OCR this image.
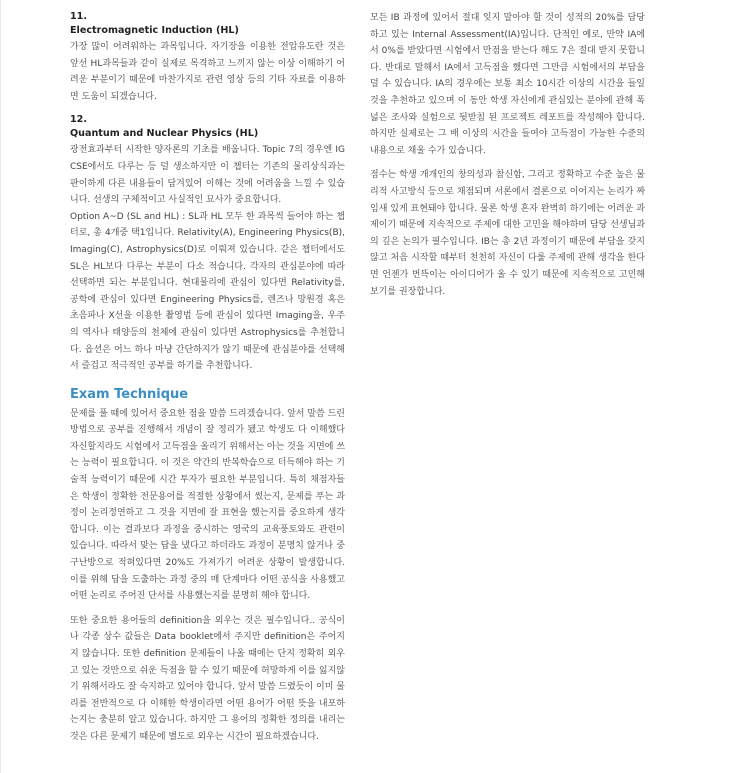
11.

Electromagnetic Induction (HL)

가장 많이 어려워하는 과목입니다. 자기장을 이용한 전압유도란 것은 앞선 HL과목들과 같이 실제로 목격하고 느끼지 않는 이상 이해하기 어려운 부분이기 때문에 마찬가지로 관련 영상 등의 기타 자료를 이용하면 도움이 되겠습니다.

12.

Quantum and Nuclear Physics (HL)

광전효과부터 시작한 양자론의 기초를 배웁니다. Topic 7의 경우엔 IGCSE에서도 다루는 등 덜 생소하지만 이 챕터는 기존의 물리상식과는 판이하게 다른 내용들이 담겨있어 이해는 것에 어려움을 느낄 수 있습니다. 선생의 구체적이고 사실적인 묘사가 중요합니다.

Option A~D (SL and HL) : SL과 HL 모두 한 과목씩 들어야 하는 챕터로, 총 4개중 택1입니다. Relativity(A), Engineering Physics(B), Imaging(C), Astrophysics(D)로 이뤄져 있습니다. 같은 챕터에서도 SL은 HL보다 다루는 부분이 다소 적습니다. 각자의 관심분야에 따라 선택하면 되는 부분입니다. 현대물리에 관심이 있다면 Relativity를, 공학에 관심이 있다면 Engineering Physics를, 렌즈나 망원경 혹은 초음파나 X선을 이용한 촬영법 등에 관심이 있다면 Imaging을, 우주의 역사나 태양등의 천체에 관심이 있다면 Astrophysics를 추천합니다. 옵션은 어느 하나 마냥 간단하지가 않기 때문에 관심분야를 선택해서 즐겁고 적극적인 공부를 하기를 추천합니다.

Exam Technique

문제를 풀 때에 있어서 중요한 점을 말씀 드리겠습니다. 앞서 말씀 드린 방법으로 공부를 진행해서 개념이 잘 정리가 됐고 학생도 다 이해했다 자신할지라도 시험에서 고득점을 올리기 위해서는 아는 것을 지면에 쓰는 능력이 필요합니다. 이 것은 약간의 반복학습으로 터득해야 하는 기술적 능력이기 때문에 시간 투자가 필요한 부분입니다. 특히 채점자들은 학생이 정확한 전문용어를 적절한 상황에서 썼는지, 문제를 푸는 과정이 논리정연하고 그 것을 지면에 잘 표현을 했는지를 중요하게 생각합니다. 이는 결과보다 과정을 중시하는 영국의 교육풍토와도 관련이 있습니다. 따라서 맞는 답을 냈다고 하더라도 과정이 분명치 않거나 중구난방으로 적혀있다면 20%도 가져가기 어려운 상황이 발생합니다. 이를 위해 답을 도출하는 과정 중의 매 단계마다 어떤 공식을 사용했고 어떤 논리로 주어진 단서를 사용했는지를 분명히 해야 합니다.

또한 중요한 용어들의 definition을 외우는 것은 필수입니다.. 공식이나 각종 상수 값들은 Data booklet에서 주지만 definition은 주어지지 않습니다. 또한 definition 문제들이 나올 때에는 단지 정확히 외우고 있는 것만으로 쉬운 득점을 할 수 있기 때문에 허망하게 이를 잃지않기 위해서라도 잘 숙지하고 있어야 합니다. 앞서 말씀 드렸듯이 이미 물리를 전반적으로 다 이해한 학생이라면 어떤 용어가 어떤 뜻을 내포하는지는 충분히 알고 있습니다. 하지만 그 용어의 정확한 정의를 내리는 것은 다른 문제기 때문에 별도로 외우는 시간이 필요하겠습니다.

모든 IB 과정에 있어서 절대 잊지 말아야 할 것이 성적의 20%를 담당하고 있는 Internal Assessment(IA)입니다. 단적인 예로, 만약 IA에서 0%를 받았다면 시험에서 만점을 받는다 해도 7은 절대 받지 못합니다. 반대로 말해서 IA에서 고득점을 했다면 그만큼 시험에서의 부담을 덜 수 있습니다. IA의 경우에는 보통 최소 10시간 이상의 시간을 들일 것을 추천하고 있으며 이 동안 학생 자신에게 관심있는 분야에 관해 폭넓은 조사와 실험으로 뒷받침 된 프로젝트 레포트를 작성해야 합니다. 하지만 실제로는 그 배 이상의 시간을 들여야 고득점이 가능한 수준의 내용으로 채울 수가 있습니다.

점수는 학생 개개인의 창의성과 참신함, 그리고 정확하고 수준 높은 물리적 사고방식 등으로 채점되며 서론에서 결론으로 이어지는 논리가 짜임새 있게 표현돼야 합니다. 물론 학생 혼자 완벽히 하기에는 어려운 과제이기 때문에 지속적으로 주제에 대한 고민을 해야하며 담당 선생님과의 깊은 논의가 필수입니다. IB는 총 2년 과정이기 때문에 부담을 갖지 않고 처음 시작할 때부터 천천히 자신이 다룰 주제에 관해 생각을 한다면 언젠가 번뜩이는 아이디어가 올 수 있기 때문에 지속적으로 고민해보기를 권장합니다.
